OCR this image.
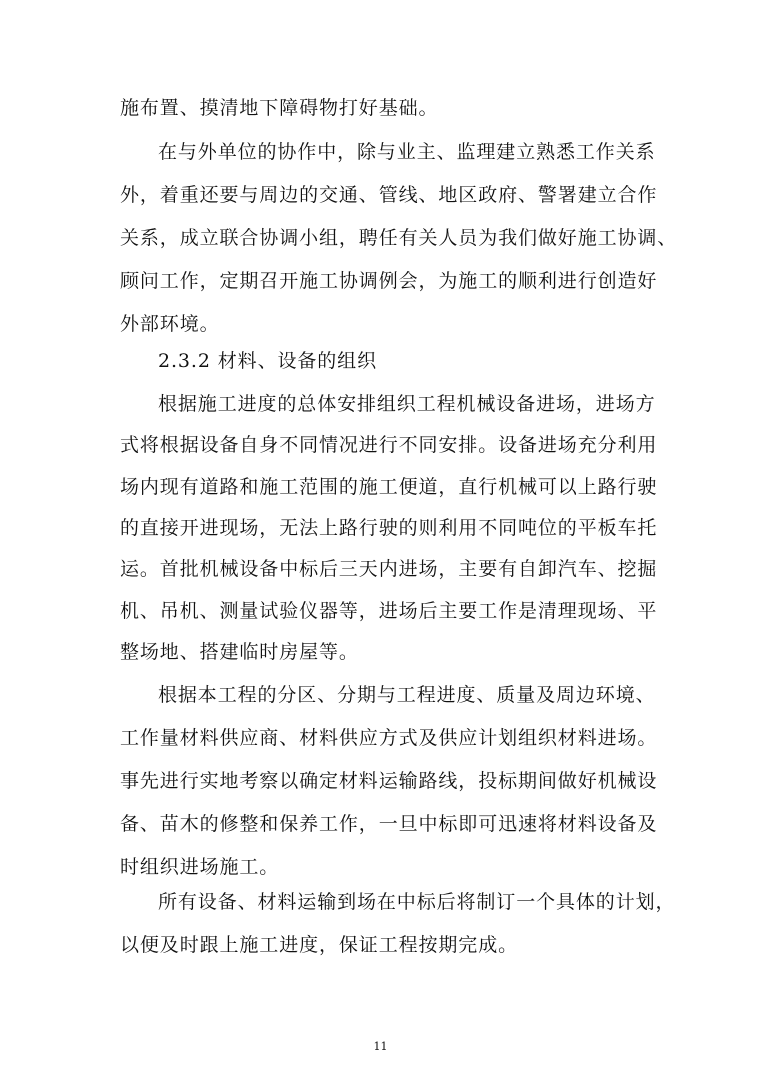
施布置、摸清地下障碍物打好基础。
在与外单位的协作中，除与业主、监理建立熟悉工作关系
外，着重还要与周边的交通、管线、地区政府、警署建立合作
关系，成立联合协调小组，聘任有关人员为我们做好施工协调、
顾问工作，定期召开施工协调例会，为施工的顺利进行创造好
外部环境。
2.3.2 材料、设备的组织
根据施工进度的总体安排组织工程机械设备进场，进场方
式将根据设备自身不同情况进行不同安排。设备进场充分利用
场内现有道路和施工范围的施工便道，直行机械可以上路行驶
的直接开进现场，无法上路行驶的则利用不同吨位的平板车托
运。首批机械设备中标后三天内进场，主要有自卸汽车、挖掘
机、吊机、测量试验仪器等，进场后主要工作是清理现场、平
整场地、搭建临时房屋等。
根据本工程的分区、分期与工程进度、质量及周边环境、
工作量材料供应商、材料供应方式及供应计划组织材料进场。
事先进行实地考察以确定材料运输路线，投标期间做好机械设
备、苗木的修整和保养工作，一旦中标即可迅速将材料设备及
时组织进场施工。
所有设备、材料运输到场在中标后将制订一个具体的计划，
以便及时跟上施工进度，保证工程按期完成。
11
